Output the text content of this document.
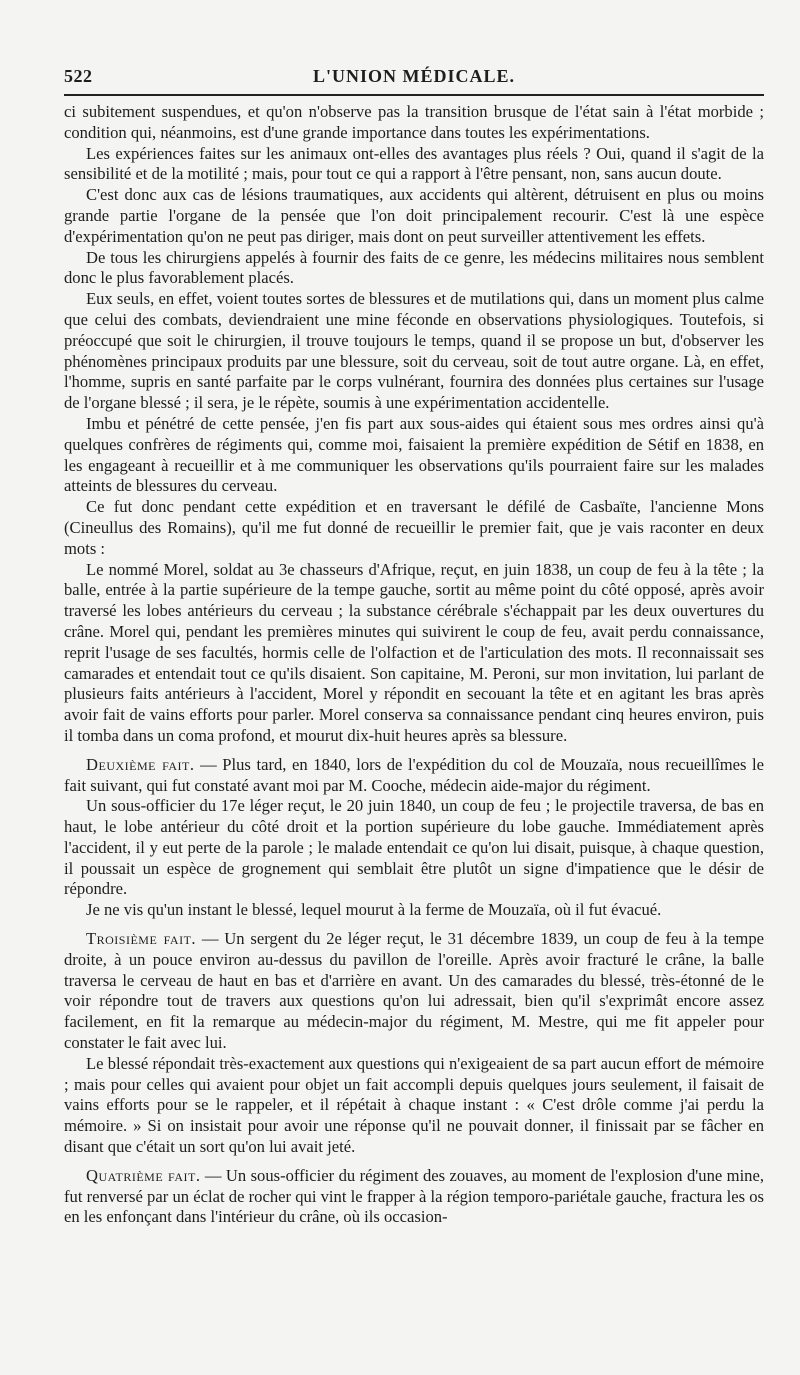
522	L'UNION MÉDICALE.

ci subitement suspendues, et qu'on n'observe pas la transition brusque de l'état sain à l'état morbide ; condition qui, néanmoins, est d'une grande importance dans toutes les expérimentations.

Les expériences faites sur les animaux ont-elles des avantages plus réels ? Oui, quand il s'agit de la sensibilité et de la motilité ; mais, pour tout ce qui a rapport à l'être pensant, non, sans aucun doute.

C'est donc aux cas de lésions traumatiques, aux accidents qui altèrent, détruisent en plus ou moins grande partie l'organe de la pensée que l'on doit principalement recourir. C'est là une espèce d'expérimentation qu'on ne peut pas diriger, mais dont on peut surveiller attentivement les effets.

De tous les chirurgiens appelés à fournir des faits de ce genre, les médecins militaires nous semblent donc le plus favorablement placés.

Eux seuls, en effet, voient toutes sortes de blessures et de mutilations qui, dans un moment plus calme que celui des combats, deviendraient une mine féconde en observations physiologiques. Toutefois, si préoccupé que soit le chirurgien, il trouve toujours le temps, quand il se propose un but, d'observer les phénomènes principaux produits par une blessure, soit du cerveau, soit de tout autre organe. Là, en effet, l'homme, supris en santé parfaite par le corps vulnérant, fournira des données plus certaines sur l'usage de l'organe blessé ; il sera, je le répète, soumis à une expérimentation accidentelle.

Imbu et pénétré de cette pensée, j'en fis part aux sous-aides qui étaient sous mes ordres ainsi qu'à quelques confrères de régiments qui, comme moi, faisaient la première expédition de Sétif en 1838, en les engageant à recueillir et à me communiquer les observations qu'ils pourraient faire sur les malades atteints de blessures du cerveau.

Ce fut donc pendant cette expédition et en traversant le défilé de Casbaïte, l'ancienne Mons (Cineullus des Romains), qu'il me fut donné de recueillir le premier fait, que je vais raconter en deux mots :

Le nommé Morel, soldat au 3e chasseurs d'Afrique, reçut, en juin 1838, un coup de feu à la tête ; la balle, entrée à la partie supérieure de la tempe gauche, sortit au même point du côté opposé, après avoir traversé les lobes antérieurs du cerveau ; la substance cérébrale s'échappait par les deux ouvertures du crâne. Morel qui, pendant les premières minutes qui suivirent le coup de feu, avait perdu connaissance, reprit l'usage de ses facultés, hormis celle de l'olfaction et de l'articulation des mots. Il reconnaissait ses camarades et entendait tout ce qu'ils disaient. Son capitaine, M. Peroni, sur mon invitation, lui parlant de plusieurs faits antérieurs à l'accident, Morel y répondit en secouant la tête et en agitant les bras après avoir fait de vains efforts pour parler. Morel conserva sa connaissance pendant cinq heures environ, puis il tomba dans un coma profond, et mourut dix-huit heures après sa blessure.

Deuxième fait. — Plus tard, en 1840, lors de l'expédition du col de Mouzaïa, nous recueillîmes le fait suivant, qui fut constaté avant moi par M. Cooche, médecin aide-major du régiment.

Un sous-officier du 17e léger reçut, le 20 juin 1840, un coup de feu ; le projectile traversa, de bas en haut, le lobe antérieur du côté droit et la portion supérieure du lobe gauche. Immédiatement après l'accident, il y eut perte de la parole ; le malade entendait ce qu'on lui disait, puisque, à chaque question, il poussait un espèce de grognement qui semblait être plutôt un signe d'impatience que le désir de répondre.

Je ne vis qu'un instant le blessé, lequel mourut à la ferme de Mouzaïa, où il fut évacué.

Troisième fait. — Un sergent du 2e léger reçut, le 31 décembre 1839, un coup de feu à la tempe droite, à un pouce environ au-dessus du pavillon de l'oreille. Après avoir fracturé le crâne, la balle traversa le cerveau de haut en bas et d'arrière en avant. Un des camarades du blessé, très-étonné de le voir répondre tout de travers aux questions qu'on lui adressait, bien qu'il s'exprimât encore assez facilement, en fit la remarque au médecin-major du régiment, M. Mestre, qui me fit appeler pour constater le fait avec lui.

Le blessé répondait très-exactement aux questions qui n'exigeaient de sa part aucun effort de mémoire ; mais pour celles qui avaient pour objet un fait accompli depuis quelques jours seulement, il faisait de vains efforts pour se le rappeler, et il répétait à chaque instant : « C'est drôle comme j'ai perdu la mémoire. » Si on insistait pour avoir une réponse qu'il ne pouvait donner, il finissait par se fâcher en disant que c'était un sort qu'on lui avait jeté.

Quatrième fait. — Un sous-officier du régiment des zouaves, au moment de l'explosion d'une mine, fut renversé par un éclat de rocher qui vint le frapper à la région temporo-pariétale gauche, fractura les os en les enfonçant dans l'intérieur du crâne, où ils occasion-
